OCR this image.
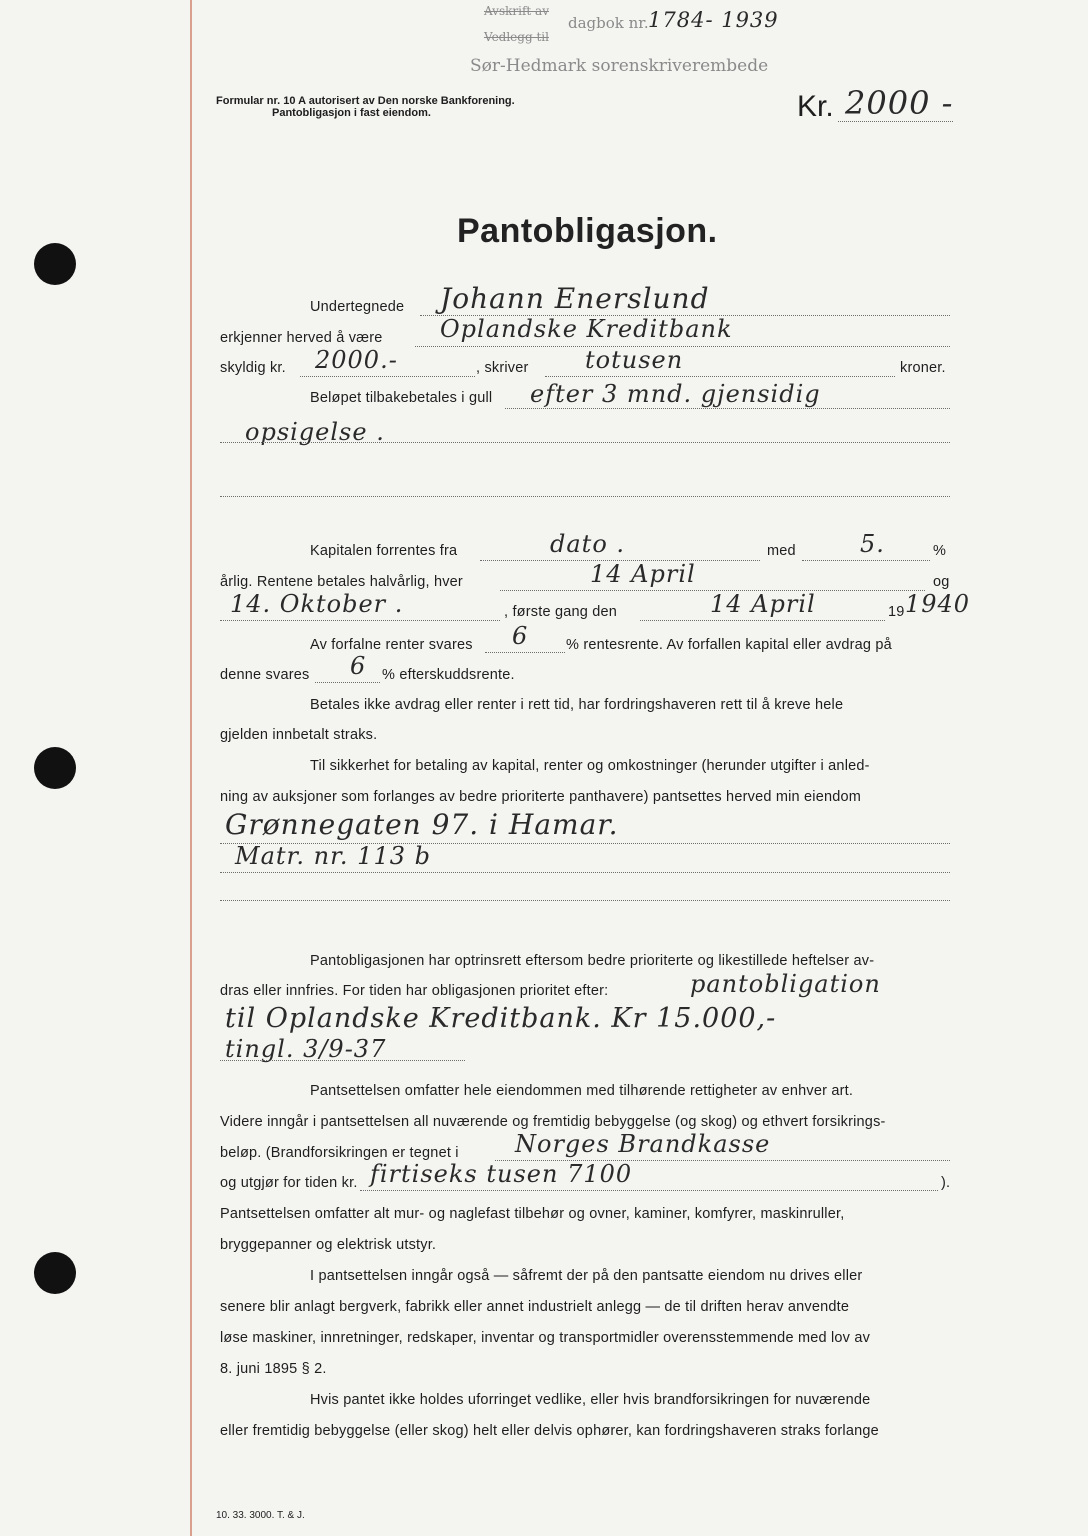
Avskrift av
Vedlegg til
dagbok nr. 1784- 1939
Sør-Hedmark sorenskriverembede
Formular nr. 10 A autorisert av Den norske Bankforening.
Pantobligasjon i fast eiendom.	Kr. 2000 -
Pantobligasjon.
Undertegnede Johann Enerslund
erkjenner herved å være Oplandske Kreditbank
skyldig kr. 2000.-	, skriver totusen	kroner.
Beløpet tilbakebetales i gull efter 3 mnd. gjensidig
opsigelse .
Kapitalen forrentes fra	dato .	med	5.	%
årlig. Rentene betales halvårlig, hver	14 April	og
14. Oktober .	, første gang den	14 April	19 1940
Av forfalne renter svares 6	% rentesrente. Av forfallen kapital eller avdrag på
denne svares 6 % efterskuddsrente.
Betales ikke avdrag eller renter i rett tid, har fordringshaveren rett til å kreve hele
gjelden innbetalt straks.
Til sikkerhet for betaling av kapital, renter og omkostninger (herunder utgifter i anled-
ning av auksjoner som forlanges av bedre prioriterte panthavere) pantsettes herved min eiendom
Grønnegaten 97. i Hamar.
Matr. nr. 113 b
Pantobligasjonen har optrinsrett eftersom bedre prioriterte og likestillede heftelser av-
dras eller innfries. For tiden har obligasjonen prioritet efter:	pantobligation
til Oplandske Kreditbank. Kr 15.000,-
tingl. 3/9-37
Pantsettelsen omfatter hele eiendommen med tilhørende rettigheter av enhver art.
Videre inngår i pantsettelsen all nuværende og fremtidig bebyggelse (og skog) og ethvert forsikrings-
beløp. (Brandforsikringen er tegnet i Norges Brandkasse
og utgjør for tiden kr. firtiseks tusen 7100	).
Pantsettelsen omfatter alt mur- og naglefast tilbehør og ovner, kaminer, komfyrer, maskinruller,
bryggepanner og elektrisk utstyr.
I pantsettelsen inngår også — såfremt der på den pantsatte eiendom nu drives eller
senere blir anlagt bergverk, fabrikk eller annet industrielt anlegg — de til driften herav anvendte
løse maskiner, innretninger, redskaper, inventar og transportmidler overensstemmende med lov av
8. juni 1895 § 2.
Hvis pantet ikke holdes uforringet vedlike, eller hvis brandforsikringen for nuværende
eller fremtidig bebyggelse (eller skog) helt eller delvis ophører, kan fordringshaveren straks forlange
10. 33. 3000. T. & J.
